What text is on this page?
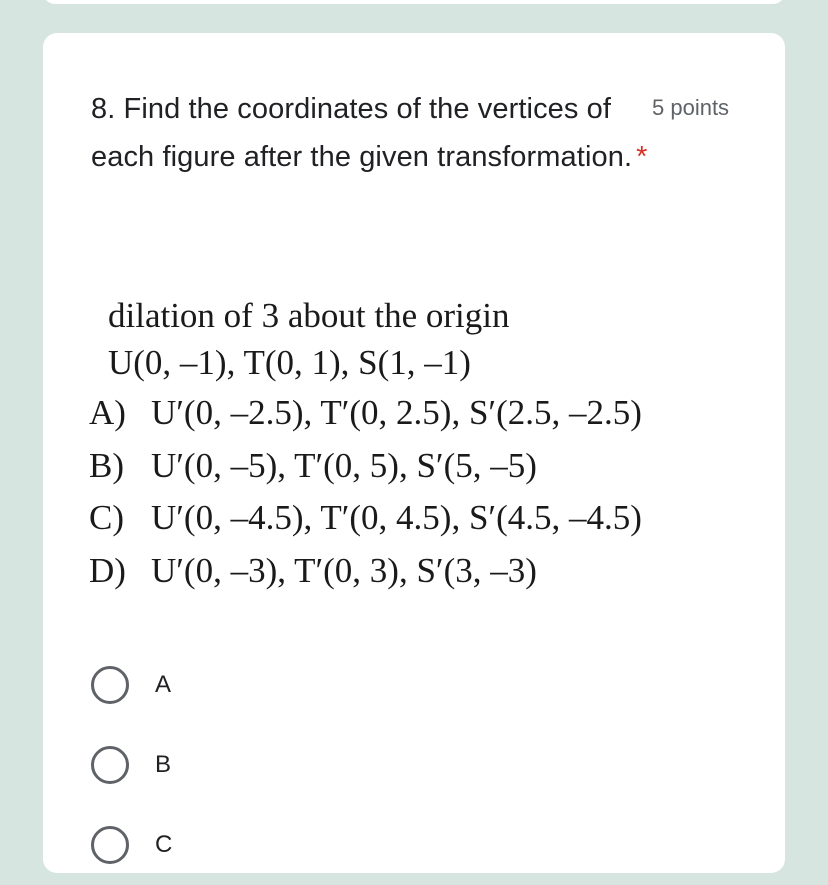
8. Find the coordinates of the vertices of each figure after the given transformation. *
5 points
dilation of 3 about the origin
U(0, –1), T(0, 1), S(1, –1)
A) U′(0, –2.5), T′(0, 2.5), S′(2.5, –2.5)
B) U′(0, –5), T′(0, 5), S′(5, –5)
C) U′(0, –4.5), T′(0, 4.5), S′(4.5, –4.5)
D) U′(0, –3), T′(0, 3), S′(3, –3)
A
B
C
